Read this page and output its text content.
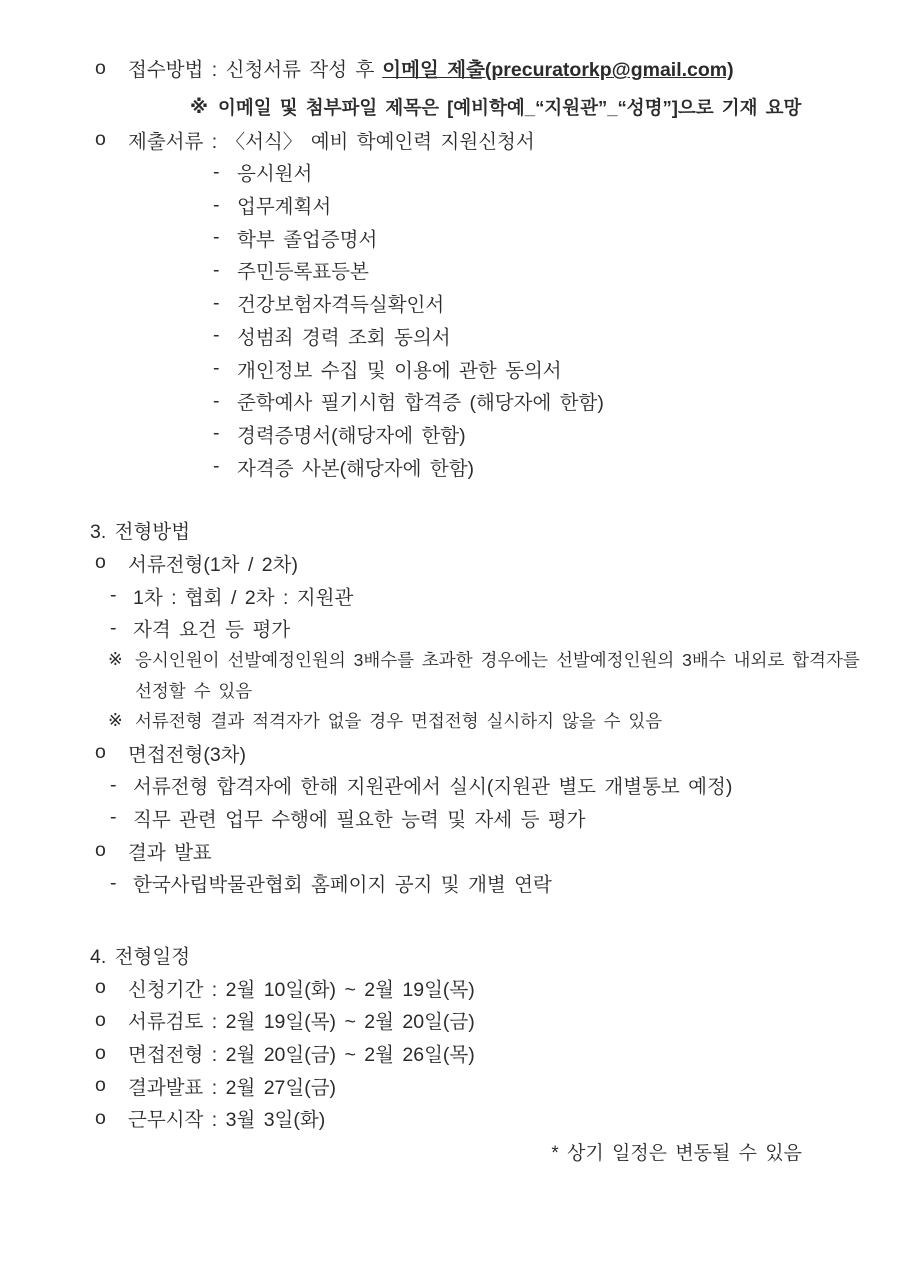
o	접수방법 : 신청서류 작성 후 이메일 제출(precuratorkp@gmail.com)
※ 이메일 및 첨부파일 제목은 [예비학예_“지원관”_“성명”]으로 기재 요망
o	제출서류 : 〈서식〉 예비 학예인력 지원신청서
- 응시원서
- 업무계획서
- 학부 졸업증명서
- 주민등록표등본
- 건강보험자격득실확인서
- 성범죄 경력 조회 동의서
- 개인정보 수집 및 이용에 관한 동의서
- 준학예사 필기시험 합격증 (해당자에 한함)
- 경력증명서(해당자에 한함)
- 자격증 사본(해당자에 한함)
3. 전형방법
o	서류전형(1차 / 2차)
- 1차 : 협회 / 2차 : 지원관
- 자격 요건 등 평가
※ 응시인원이 선발예정인원의 3배수를 초과한 경우에는 선발예정인원의 3배수 내외로 합격자를
선정할 수 있음
※ 서류전형 결과 적격자가 없을 경우 면접전형 실시하지 않을 수 있음
o	면접전형(3차)
- 서류전형 합격자에 한해 지원관에서 실시(지원관 별도 개별통보 예정)
- 직무 관련 업무 수행에 필요한 능력 및 자세 등 평가
o	결과 발표
- 한국사립박물관협회 홈페이지 공지 및 개별 연락
4. 전형일정
o	신청기간 : 2월 10일(화) ~ 2월 19일(목)
o	서류검토 : 2월 19일(목) ~ 2월 20일(금)
o	면접전형 : 2월 20일(금) ~ 2월 26일(목)
o	결과발표 : 2월 27일(금)
o	근무시작 : 3월 3일(화)
* 상기 일정은 변동될 수 있음
